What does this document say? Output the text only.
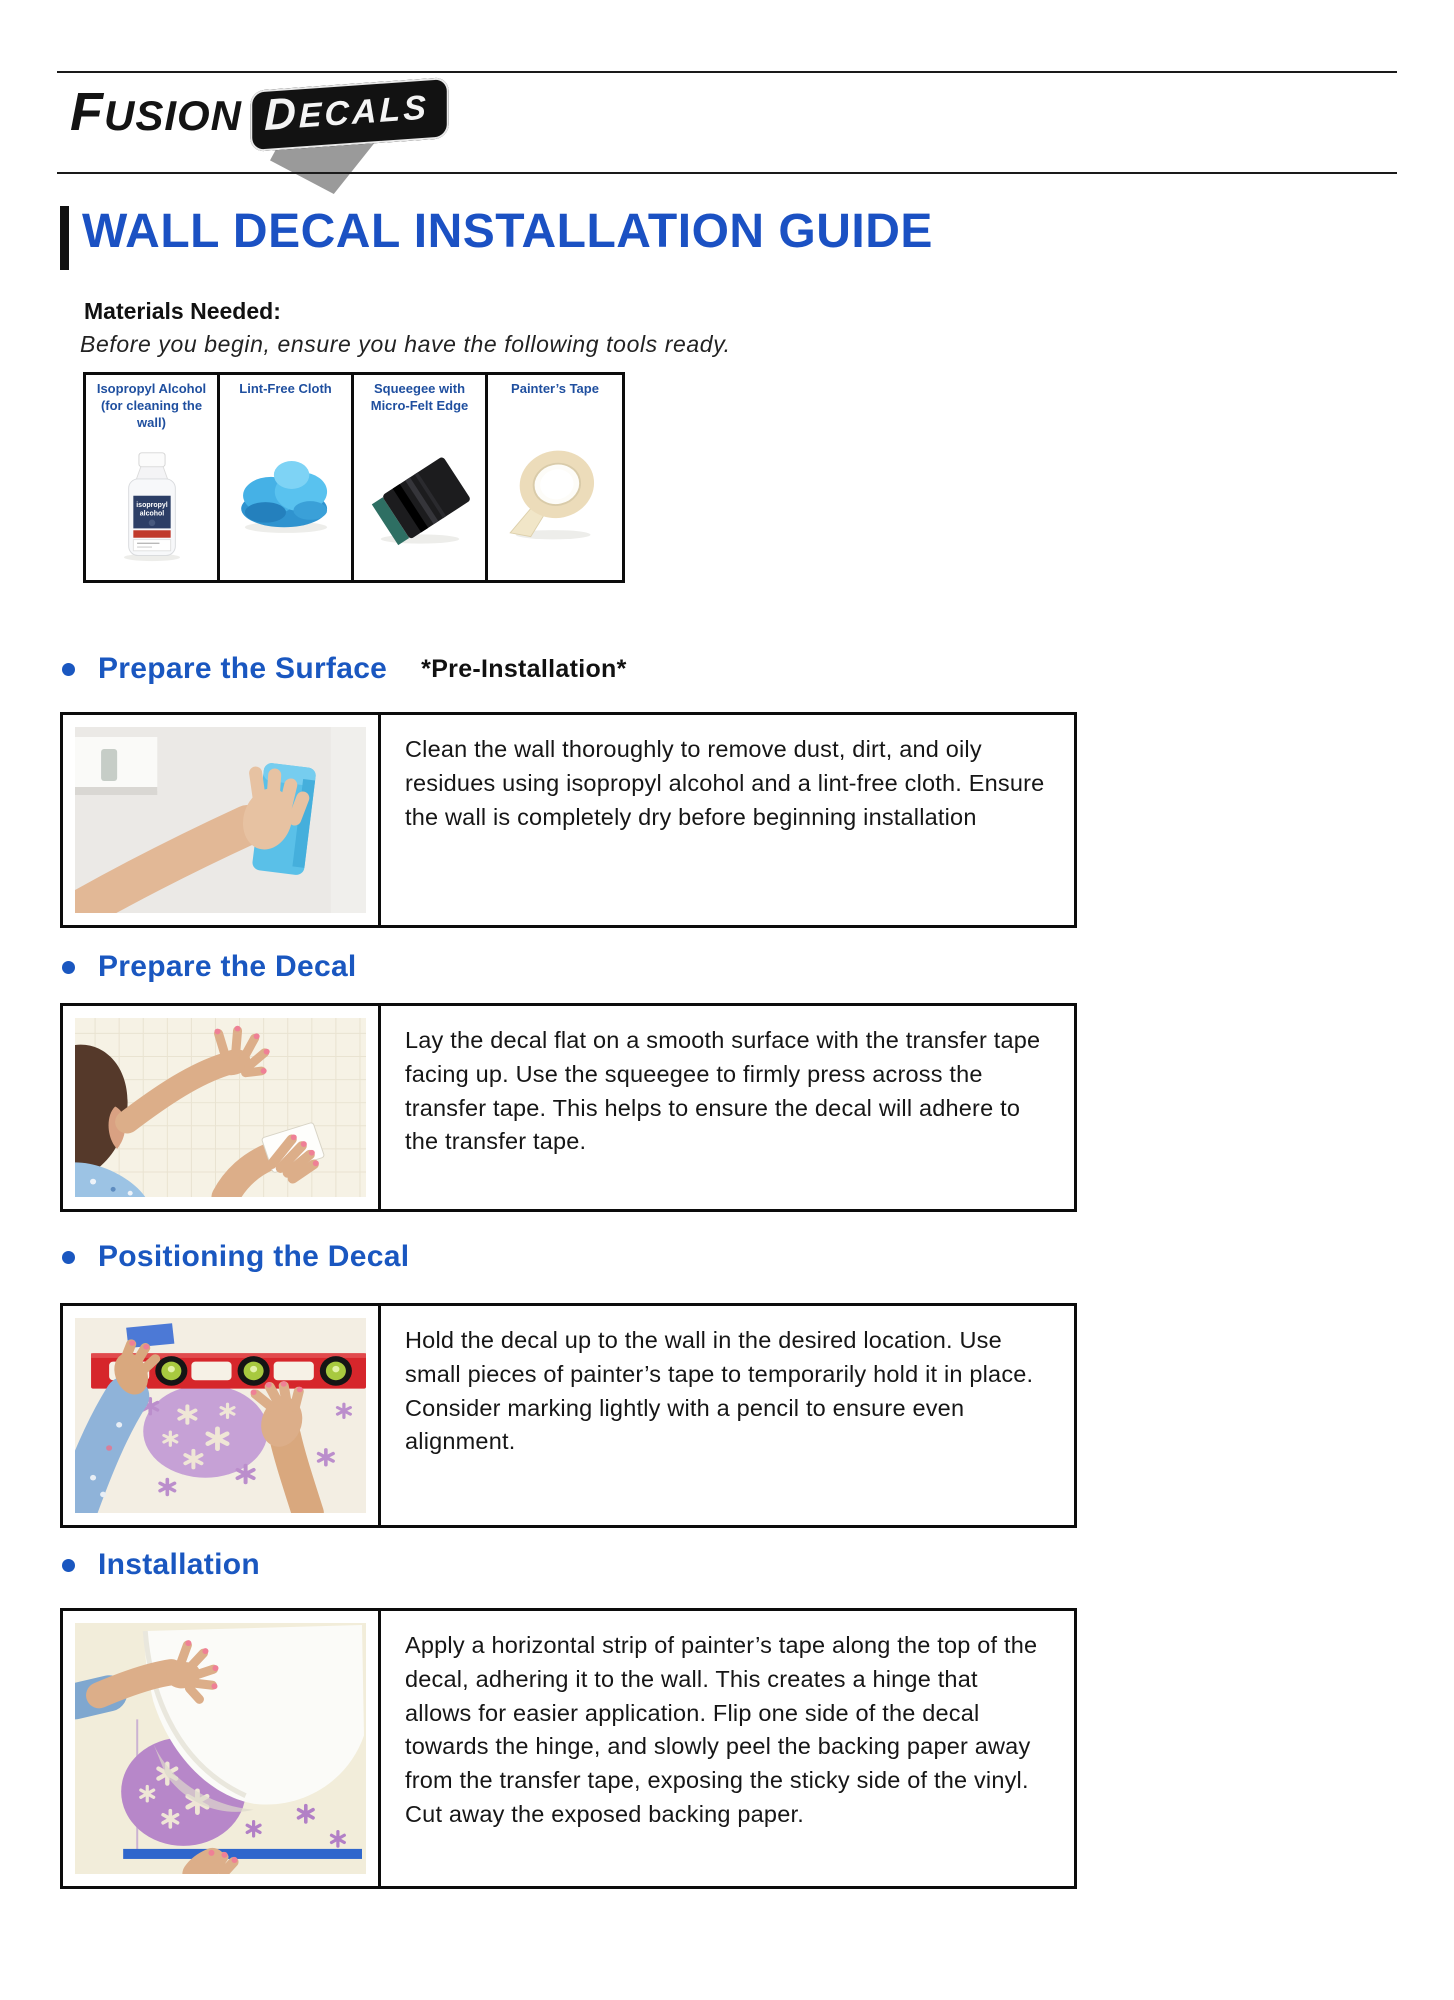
FUSION DECALS
WALL DECAL INSTALLATION GUIDE
Materials Needed:
Before you begin, ensure you have the following tools ready.
Isopropyl Alcohol (for cleaning the wall)
isopropyl
alcohol
Lint-Free Cloth	Squeegee with Micro-Felt Edge
Painter’s Tape
Prepare the Surface *Pre-Installation*

Clean the wall thoroughly to remove dust, dirt, and oily residues using isopropyl alcohol and a lint-free cloth. Ensure the wall is completely dry before beginning installation

Prepare the Decal

Lay the decal flat on a smooth surface with the transfer tape facing up. Use the squeegee to firmly press across the transfer tape. This helps to ensure the decal will adhere to the transfer tape.

Positioning the Decal

Hold the decal up to the wall in the desired location. Use small pieces of painter’s tape to temporarily hold it in place. Consider marking lightly with a pencil to ensure even alignment.

Installation

Apply a horizontal strip of painter’s tape along the top of the decal, adhering it to the wall. This creates a hinge that allows for easier application. Flip one side of the decal towards the hinge, and slowly peel the backing paper away from the transfer tape, exposing the sticky side of the vinyl. Cut away the exposed backing paper.
